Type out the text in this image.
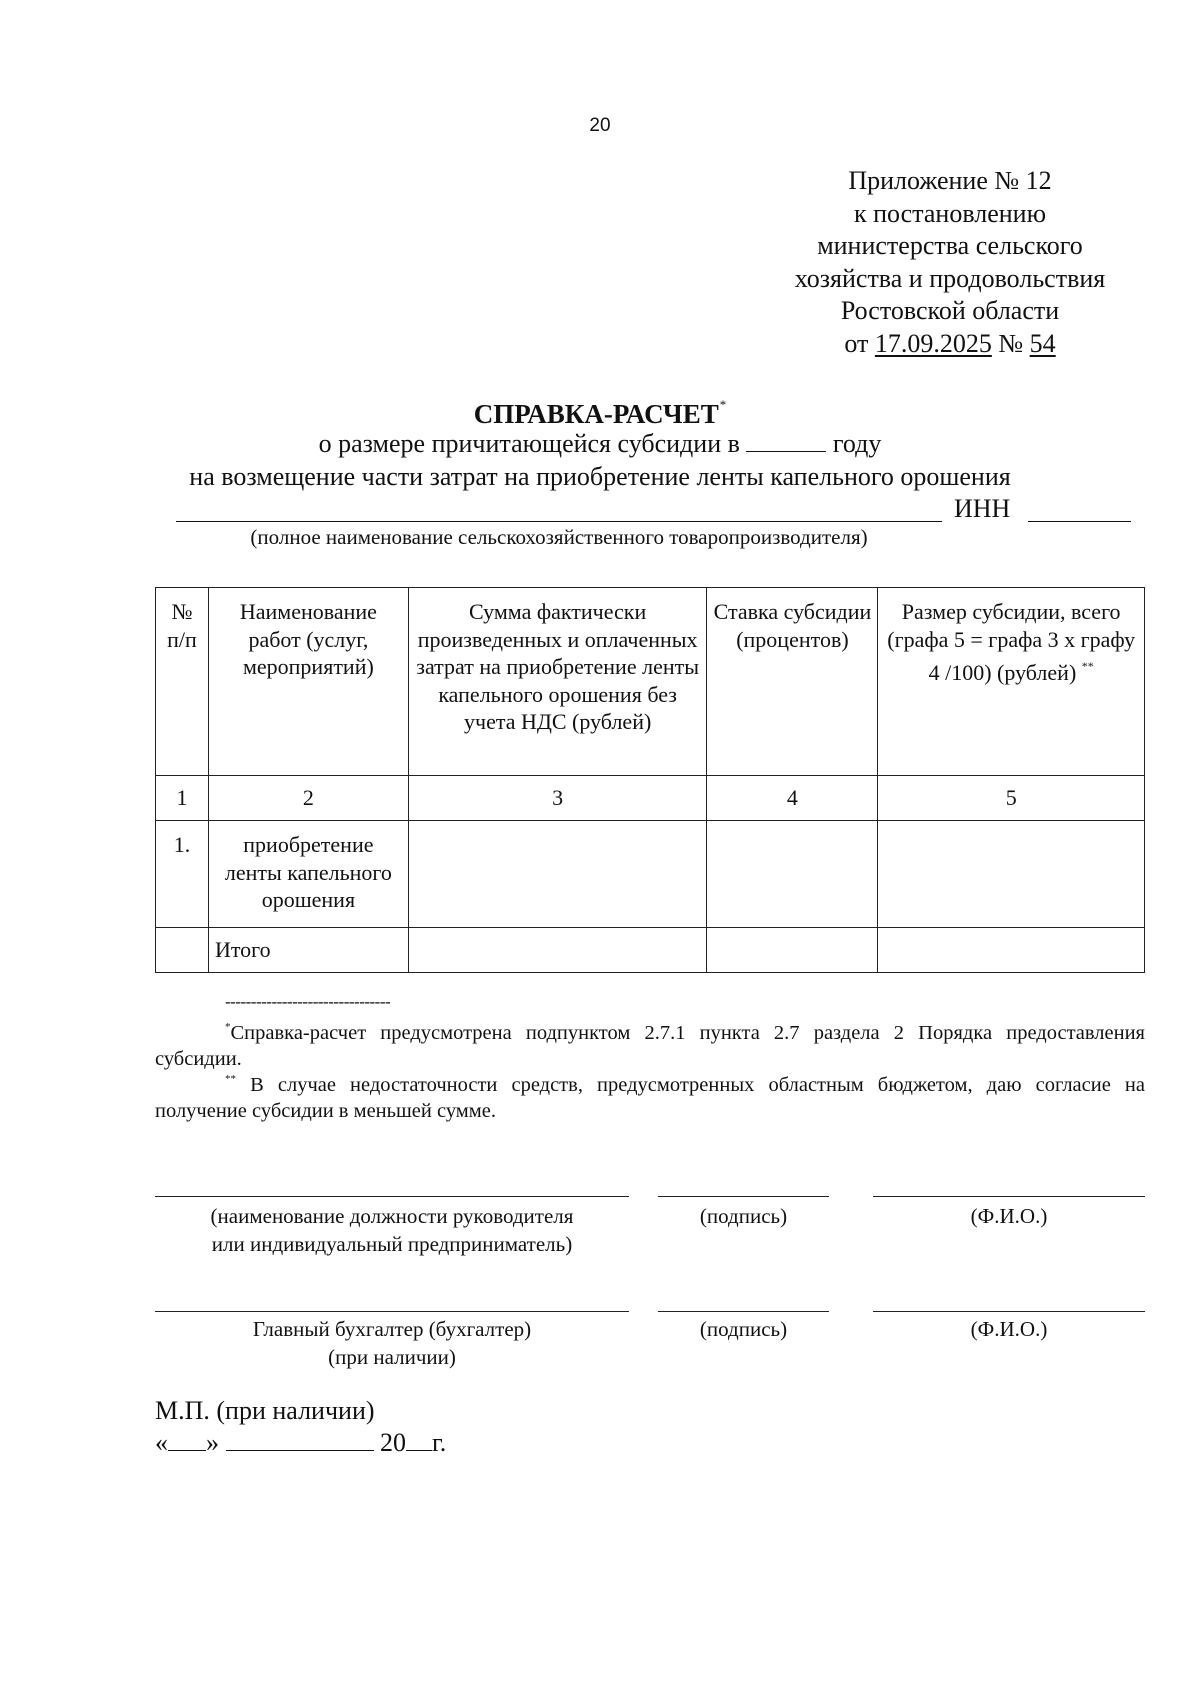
20
Приложение № 12
к постановлению
министерства сельского
хозяйства и продовольствия
Ростовской области
от 17.09.2025 № 54
СПРАВКА-РАСЧЕТ*
о размере причитающейся субсидии в	году
на возмещение части затрат на приобретение ленты капельного орошения
ИНН
(полное наименование сельскохозяйственного товаропроизводителя)
№ п/п	Наименование работ (услуг, мероприятий)	Сумма фактически произведенных и оплаченных затрат на приобретение ленты капельного орошения без учета НДС (рублей)	Ставка субсидии (процентов)	Размер субсидии, всего (графа 5 = графа 3 х графу 4 /100) (рублей) **
1	2	3	4	5
1.	приобретение ленты капельного орошения			
	Итого			
--------------------------------
*Справка-расчет предусмотрена подпунктом 2.7.1 пункта 2.7 раздела 2 Порядка предоставления субсидии.
** В случае недостаточности средств, предусмотренных областным бюджетом, даю согласие на получение субсидии в меньшей сумме.
(наименование должности руководителя
или индивидуальный предприниматель)
(подпись)	(Ф.И.О.)
Главный бухгалтер (бухгалтер)
(при наличии)
(подпись)	(Ф.И.О.)
М.П. (при наличии)
« »	20 г.
